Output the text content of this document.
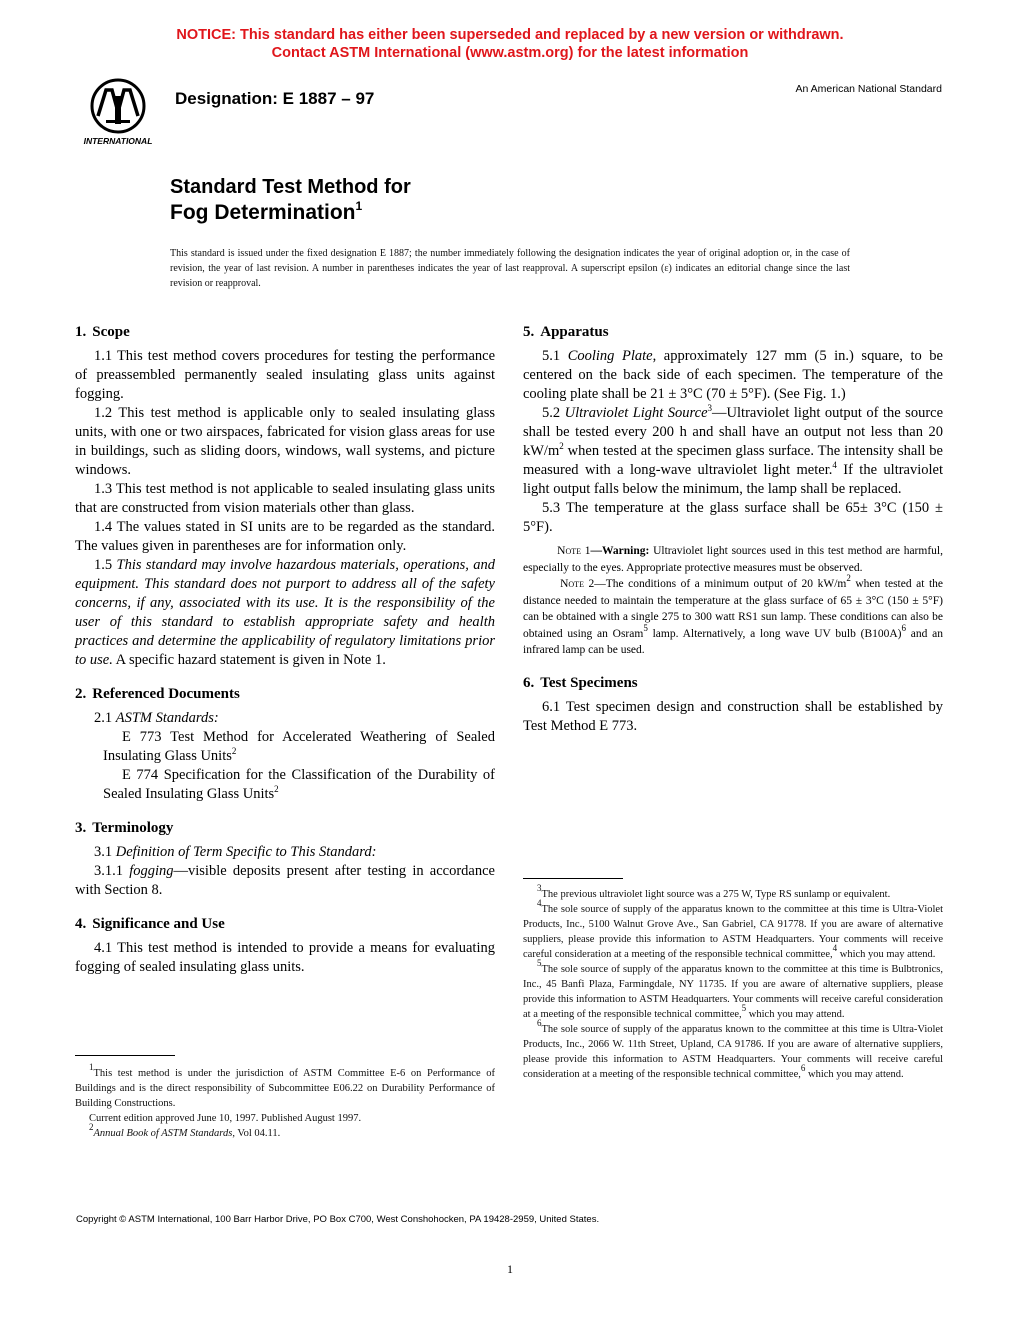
NOTICE: This standard has either been superseded and replaced by a new version or withdrawn.
Contact ASTM International (www.astm.org) for the latest information
INTERNATIONAL
Designation: E 1887 – 97	An American National Standard
Standard Test Method for
Fog Determination$^1$
This standard is issued under the fixed designation E 1887; the number immediately following the designation indicates the year of original adoption or, in the case of revision, the year of last revision. A number in parentheses indicates the year of last reapproval. A superscript epsilon (ε) indicates an editorial change since the last revision or reapproval.
1. Scope

1.1 This test method covers procedures for testing the performance of preassembled permanently sealed insulating glass units against fogging.

1.2 This test method is applicable only to sealed insulating glass units, with one or two airspaces, fabricated for vision glass areas for use in buildings, such as sliding doors, windows, wall systems, and picture windows.

1.3 This test method is not applicable to sealed insulating glass units that are constructed from vision materials other than glass.

1.4 The values stated in SI units are to be regarded as the standard. The values given in parentheses are for information only.

1.5 This standard may involve hazardous materials, operations, and equipment. This standard does not purport to address all of the safety concerns, if any, associated with its use. It is the responsibility of the user of this standard to establish appropriate safety and health practices and determine the applicability of regulatory limitations prior to use. A specific hazard statement is given in Note 1.

2. Referenced Documents

2.1 ASTM Standards:

E 773 Test Method for Accelerated Weathering of Sealed Insulating Glass Units$^2$

E 774 Specification for the Classification of the Durability of Sealed Insulating Glass Units$^2$

3. Terminology

3.1 Definition of Term Specific to This Standard:

3.1.1 fogging—visible deposits present after testing in accordance with Section 8.

4. Significance and Use

4.1 This test method is intended to provide a means for evaluating fogging of sealed insulating glass units.

$^1$This test method is under the jurisdiction of ASTM Committee E-6 on Performance of Buildings and is the direct responsibility of Subcommittee E06.22 on Durability Performance of Building Constructions.

Current edition approved June 10, 1997. Published August 1997.

$^2$Annual Book of ASTM Standards, Vol 04.11.

5. Apparatus

5.1 Cooling Plate, approximately 127 mm (5 in.) square, to be centered on the back side of each specimen. The temperature of the cooling plate shall be 21 ± 3°C (70 ± 5°F). (See Fig. 1.)

5.2 Ultraviolet Light Source$^3$—Ultraviolet light output of the source shall be tested every 200 h and shall have an output not less than 20 $kW/m^2$ when tested at the specimen glass surface. The intensity shall be measured with a long-wave ultraviolet light meter.$^4$ If the ultraviolet light output falls below the minimum, the lamp shall be replaced.

5.3 The temperature at the glass surface shall be 65± 3°C (150 ± 5°F).

Note 1—Warning: Ultraviolet light sources used in this test method are harmful, especially to the eyes. Appropriate protective measures must be observed.

Note 2—The conditions of a minimum output of 20 $kW/m^2$ when tested at the distance needed to maintain the temperature at the glass surface of 65 ± 3°C (150 ± 5°F) can be obtained with a single 275 to 300 watt RS1 sun lamp. These conditions can also be obtained using an Osram$^5$ lamp. Alternatively, a long wave UV bulb $(B100A)^6$ and an infrared lamp can be used.

6. Test Specimens

6.1 Test specimen design and construction shall be established by Test Method E 773.

$^3$The previous ultraviolet light source was a 275 W, Type RS sunlamp or equivalent.

$^4$The sole source of supply of the apparatus known to the committee at this time is Ultra-Violet Products, Inc., 5100 Walnut Grove Ave., San Gabriel, CA 91778. If you are aware of alternative suppliers, please provide this information to ASTM Headquarters. Your comments will receive careful consideration at a meeting of the responsible technical committee,$^4$ which you may attend.

$^5$The sole source of supply of the apparatus known to the committee at this time is Bulbtronics, Inc., 45 Banfi Plaza, Farmingdale, NY 11735. If you are aware of alternative suppliers, please provide this information to ASTM Headquarters. Your comments will receive careful consideration at a meeting of the responsible technical committee,$^5$ which you may attend.

$^6$The sole source of supply of the apparatus known to the committee at this time is Ultra-Violet Products, Inc., 2066 W. 11th Street, Upland, CA 91786. If you are aware of alternative suppliers, please provide this information to ASTM Headquarters. Your comments will receive careful consideration at a meeting of the responsible technical committee,$^6$ which you may attend.

Copyright © ASTM International, 100 Barr Harbor Drive, PO Box C700, West Conshohocken, PA 19428-2959, United States.
1
